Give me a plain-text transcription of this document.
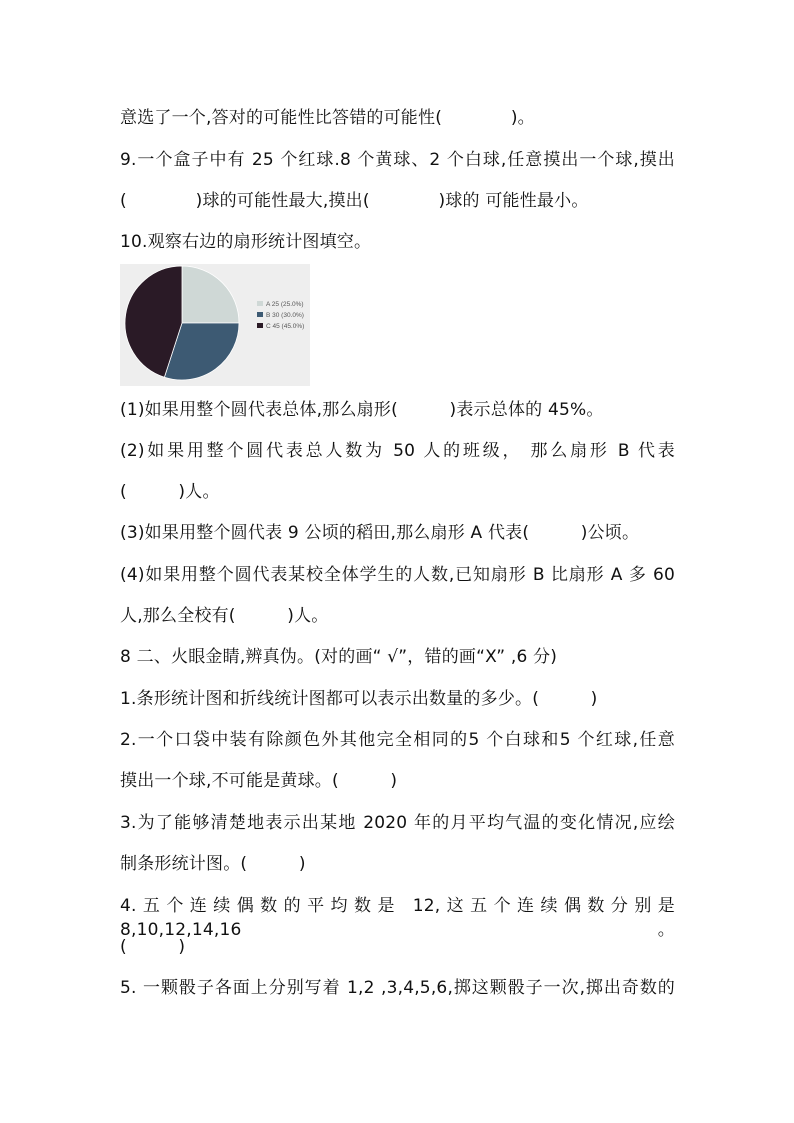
意选了一个,答对的可能性比答错的可能性(　　　　)。
9.一个盒子中有 25 个红球.8 个黄球、2 个白球,任意摸出一个球,摸出
(　　　　)球的可能性最大,摸出(　　　　)球的 可能性最小。
10.观察右边的扇形统计图填空。
A 25 (25.0%)
B 30 (30.0%)
C 45 (45.0%)
(1)如果用整个圆代表总体,那么扇形(　　　)表示总体的 45%。
(2)如果用整个圆代表总人数为 50 人的班级， 那么扇形 B 代表
(　　　)人。
(3)如果用整个圆代表 9 公顷的稻田,那么扇形 A 代表(　　　)公顷。
(4)如果用整个圆代表某校全体学生的人数,已知扇形 B 比扇形 A 多 60
人,那么全校有(　　　)人。
8 二、火眼金睛,辨真伪。(对的画“ √”，错的画“X” ,6 分)
1.条形统计图和折线统计图都可以表示出数量的多少。(　　　)
2.一个口袋中装有除颜色外其他完全相同的5 个白球和5 个红球,任意
摸出一个球,不可能是黄球。(　　　)
3.为了能够清楚地表示出某地 2020 年的月平均气温的变化情况,应绘
制条形统计图。(　　　)
4.五个连续偶数的平均数是 12,这五个连续偶数分别是 8,10,12,14,16。
(　　　)
5. 一颗骰子各面上分别写着 1,2 ,3,4,5,6,掷这颗骰子一次,掷出奇数的
